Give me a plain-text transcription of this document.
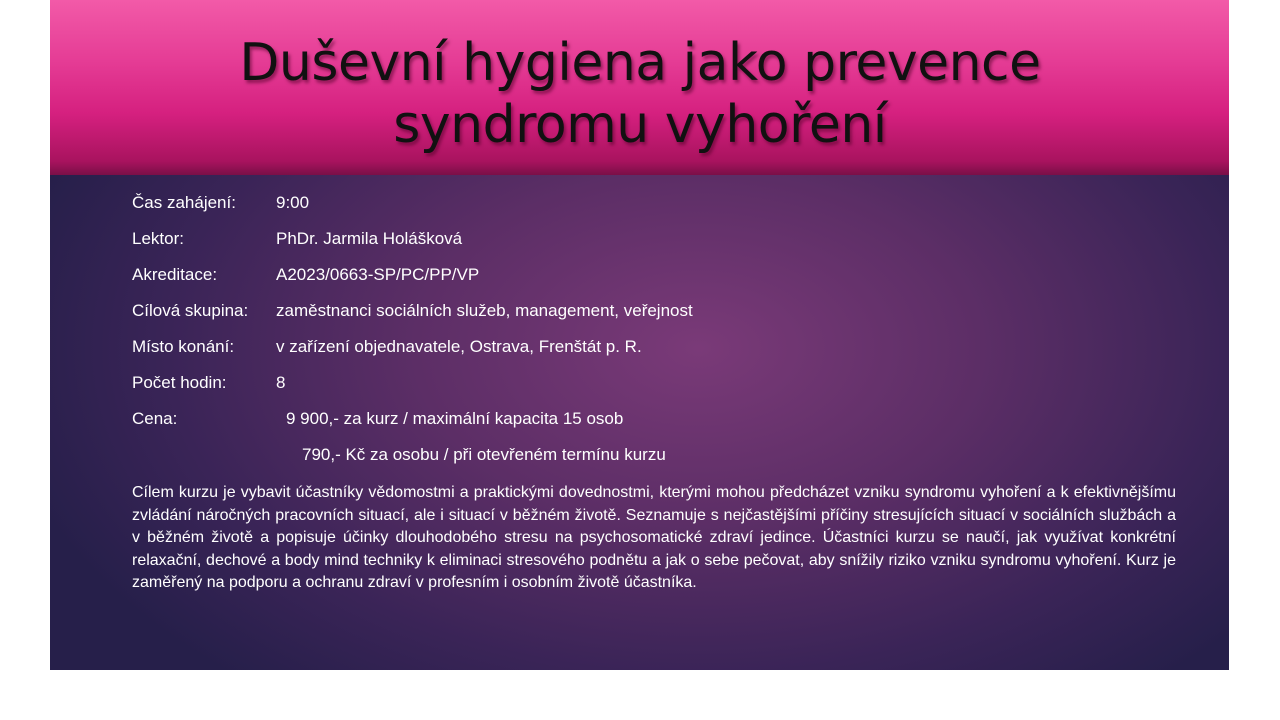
Duševní hygiena jako prevence syndromu vyhoření
Čas zahájení:	9:00
Lektor:	PhDr. Jarmila Holášková
Akreditace:	A2023/0663-SP/PC/PP/VP
Cílová skupina:	zaměstnanci sociálních služeb, management, veřejnost
Místo konání:	v zařízení objednavatele, Ostrava, Frenštát p. R.
Počet hodin:	8
Cena:	9 900,- za kurz / maximální kapacita 15 osob
790,- Kč za osobu / při otevřeném termínu kurzu

Cílem kurzu je vybavit účastníky vědomostmi a praktickými dovednostmi, kterými mohou předcházet vzniku syndromu vyhoření a k efektivnějšímu zvládání náročných pracovních situací, ale i situací v běžném životě. Seznamuje s nejčastějšími příčiny stresujících situací v sociálních službách a v běžném životě a popisuje účinky dlouhodobého stresu na psychosomatické zdraví jedince. Účastníci kurzu se naučí, jak využívat konkrétní relaxační, dechové a body mind techniky k eliminaci stresového podnětu a jak o sebe pečovat, aby snížily riziko vzniku syndromu vyhoření. Kurz je zaměřený na podporu a ochranu zdraví v profesním i osobním životě účastníka.
